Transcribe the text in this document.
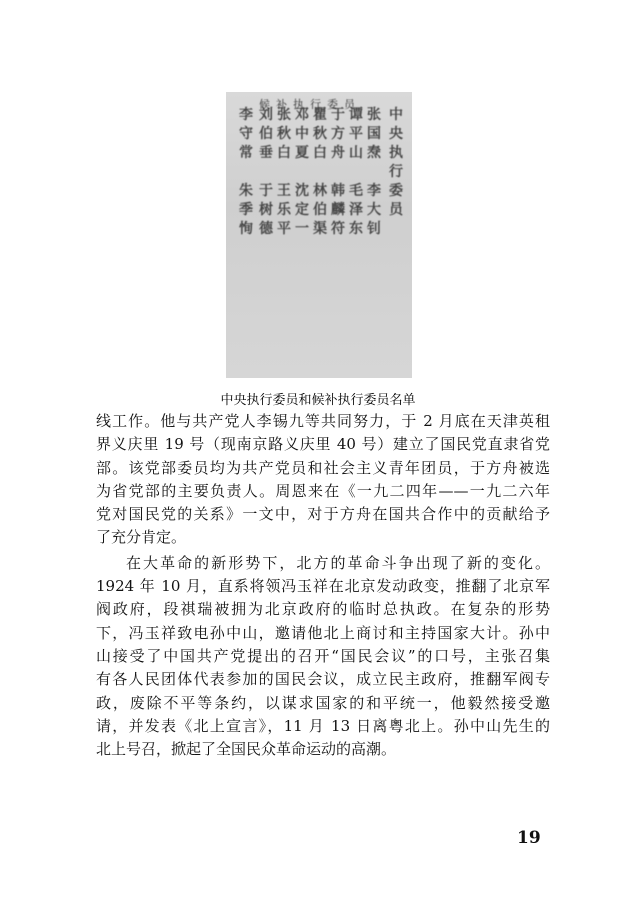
候补执行委员
中
央
执
行
委
员
张
国
焘

李
大
钊
谭
平
山

毛
泽
东
于
方
舟

韩
麟
符
瞿
秋
白

林
伯
渠
邓
中
夏

沈
定
一
张
秋
白

王
乐
平
刘
伯
垂

于
树
德
李
守
常

朱
季
恂
中央执行委员和候补执行委员名单
线工作。他与共产党人李锡九等共同努力，于 2 月底在天津英租
界义庆里 19 号（现南京路义庆里 40 号）建立了国民党直隶省党
部。该党部委员均为共产党员和社会主义青年团员，于方舟被选
为省党部的主要负责人。周恩来在《一九二四年——一九二六年
党对国民党的关系》一文中，对于方舟在国共合作中的贡献给予
了充分肯定。
在大革命的新形势下，北方的革命斗争出现了新的变化。
1924 年 10 月，直系将领冯玉祥在北京发动政变，推翻了北京军
阀政府，段祺瑞被拥为北京政府的临时总执政。在复杂的形势
下，冯玉祥致电孙中山，邀请他北上商讨和主持国家大计。孙中
山接受了中国共产党提出的召开“国民会议”的口号，主张召集
有各人民团体代表参加的国民会议，成立民主政府，推翻军阀专
政，废除不平等条约，以谋求国家的和平统一，他毅然接受邀
请，并发表《北上宣言》，11 月 13 日离粤北上。孙中山先生的
北上号召，掀起了全国民众革命运动的高潮。
19
